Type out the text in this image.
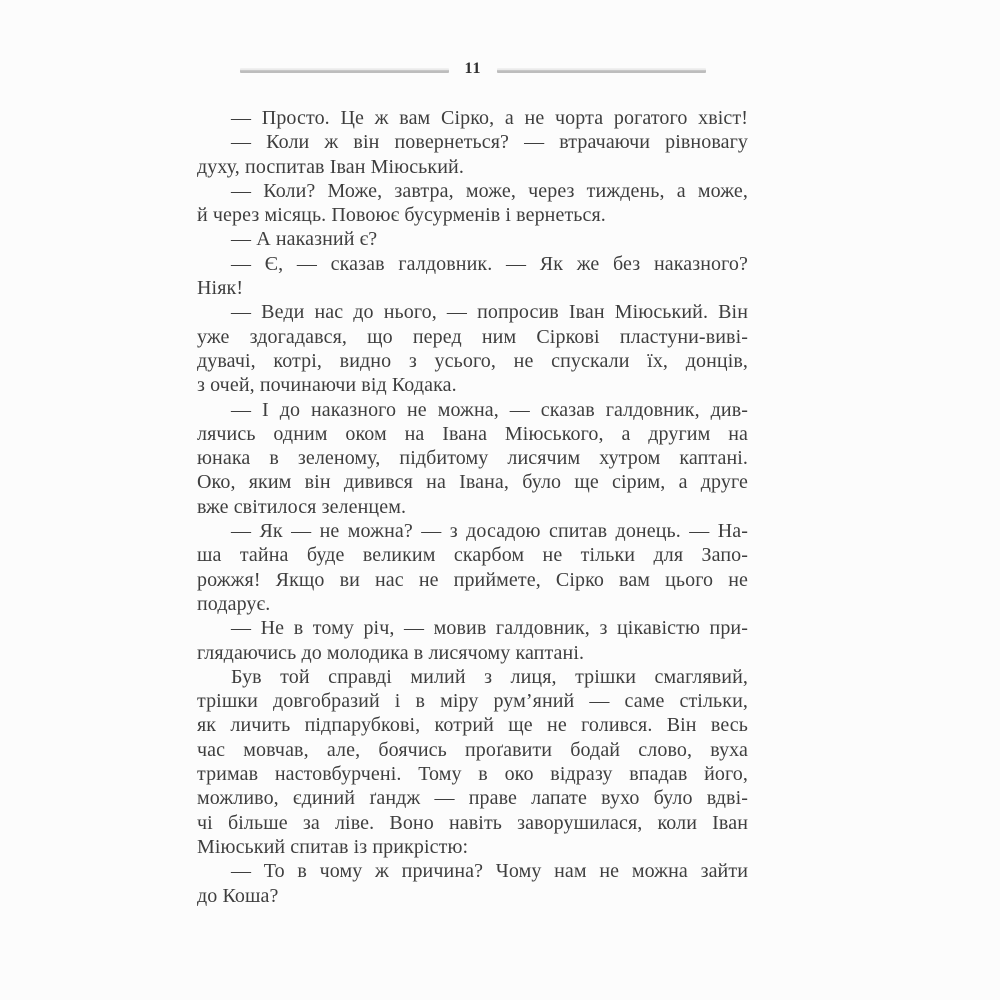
11
— Просто. Це ж вам Сірко, а не чорта рогатого хвіст!
— Коли ж він повернеться? — втрачаючи рівновагу
духу, поспитав Іван Міюський.
— Коли? Може, завтра, може, через тиждень, а може,
й через місяць. Повоює бусурменів і вернеться.
— А наказний є?
— Є, — сказав галдовник. — Як же без наказного?
Ніяк!
— Веди нас до нього, — попросив Іван Міюський. Він
уже здогадався, що перед ним Сіркові пластуни-виві-
дувачі, котрі, видно з усього, не спускали їх, донців,
з очей, починаючи від Кодака.
— І до наказного не можна, — сказав галдовник, див-
лячись одним оком на Івана Міюського, а другим на
юнака в зеленому, підбитому лисячим хутром каптані.
Око, яким він дивився на Івана, було ще сірим, а друге
вже світилося зеленцем.
— Як — не можна? — з досадою спитав донець. — На-
ша тайна буде великим скарбом не тільки для Запо-
рожжя! Якщо ви нас не приймете, Сірко вам цього не
подарує.
— Не в тому річ, — мовив галдовник, з цікавістю при-
глядаючись до молодика в лисячому каптані.
Був той справді милий з лиця, трішки смаглявий,
трішки довгобразий і в міру рум’яний — саме стільки,
як личить підпарубкові, котрий ще не голився. Він весь
час мовчав, але, боячись проґавити бодай слово, вуха
тримав настовбурчені. Тому в око відразу впадав його,
можливо, єдиний ґандж — праве лапате вухо було вдві-
чі більше за ліве. Воно навіть заворушилася, коли Іван
Міюський спитав із прикрістю:
— То в чому ж причина? Чому нам не можна зайти
до Коша?
